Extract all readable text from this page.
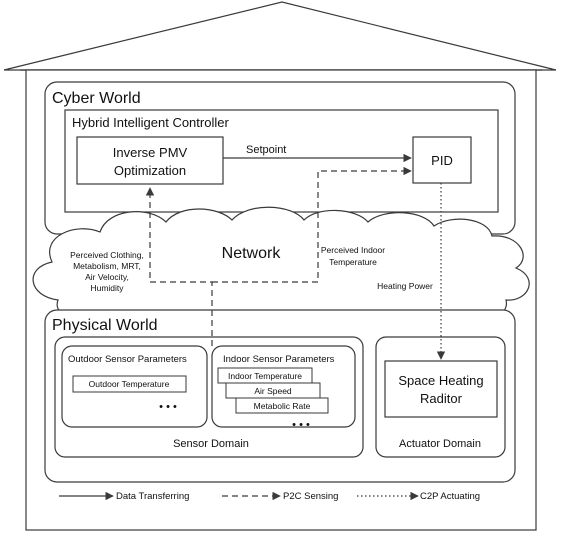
Cyber World
Hybrid Intelligent Controller
Inverse PMV
Optimization
PID
Setpoint
Network
Perceived Clothing,
Metabolism, MRT,
Air Velocity,
Humidity
Perceived Indoor
Temperature
Heating Power
Physical World
Sensor Domain
Outdoor Sensor Parameters
Outdoor Temperature
• • •
Indoor Sensor Parameters
Indoor Temperature
Air Speed
Metabolic Rate
• • •
Actuator Domain
Space Heating
Raditor
Data Transferring	P2C Sensing	C2P Actuating
